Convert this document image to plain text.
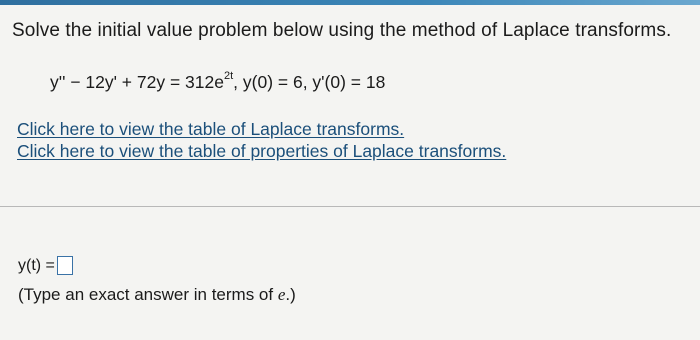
Solve the initial value problem below using the method of Laplace transforms.
$y'' - 12y' + 72y = 312e^{2t}$, y(0) = 6, y'(0) = 18
Click here to view the table of Laplace transforms.
Click here to view the table of properties of Laplace transforms.
y(t) =
(Type an exact answer in terms of e.)
